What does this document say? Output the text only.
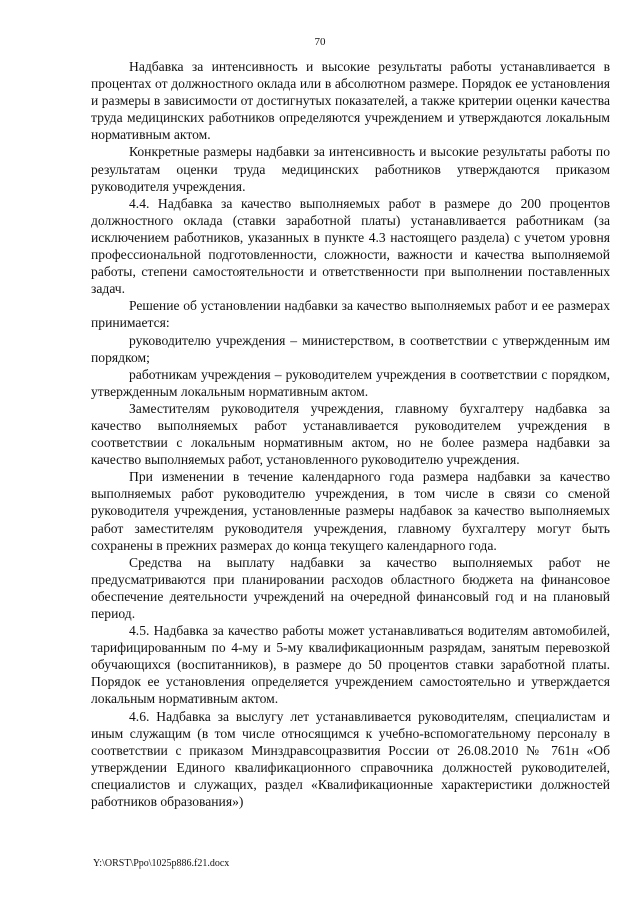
70

Надбавка за интенсивность и высокие результаты работы устанавливается в процентах от должностного оклада или в абсолютном размере. Порядок ее установления и размеры в зависимости от достигнутых показателей, а также критерии оценки качества труда медицинских работников определяются учреждением и утверждаются локальным нормативным актом.

Конкретные размеры надбавки за интенсивность и высокие результаты работы по результатам оценки труда медицинских работников утверждаются приказом руководителя учреждения.

4.4. Надбавка за качество выполняемых работ в размере до 200 процентов должностного оклада (ставки заработной платы) устанавливается работникам (за исключением работников, указанных в пункте 4.3 настоящего раздела) с учетом уровня профессиональной подготовленности, сложности, важности и качества выполняемой работы, степени самостоятельности и ответственности при выполнении поставленных задач.

Решение об установлении надбавки за качество выполняемых работ и ее размерах принимается:

руководителю учреждения – министерством, в соответствии с утвержденным им порядком;

работникам учреждения – руководителем учреждения в соответствии с порядком, утвержденным локальным нормативным актом.

Заместителям руководителя учреждения, главному бухгалтеру надбавка за качество выполняемых работ устанавливается руководителем учреждения в соответствии с локальным нормативным актом, но не более размера надбавки за качество выполняемых работ, установленного руководителю учреждения.

При изменении в течение календарного года размера надбавки за качество выполняемых работ руководителю учреждения, в том числе в связи со сменой руководителя учреждения, установленные размеры надбавок за качество выполняемых работ заместителям руководителя учреждения, главному бухгалтеру могут быть сохранены в прежних размерах до конца текущего календарного года.

Средства на выплату надбавки за качество выполняемых работ не предусматриваются при планировании расходов областного бюджета на финансовое обеспечение деятельности учреждений на очередной финансовый год и на плановый период.

4.5. Надбавка за качество работы может устанавливаться водителям автомобилей, тарифицированным по 4-му и 5-му квалификационным разрядам, занятым перевозкой обучающихся (воспитанников), в размере до 50 процентов ставки заработной платы. Порядок ее установления определяется учреждением самостоятельно и утверждается локальным нормативным актом.

4.6. Надбавка за выслугу лет устанавливается руководителям, специалистам и иным служащим (в том числе относящимся к учебно-вспомогательному персоналу в соответствии с приказом Минздравсоцразвития России от 26.08.2010 № 761н «Об утверждении Единого квалификационного справочника должностей руководителей, специалистов и служащих, раздел «Квалификационные характеристики должностей работников образования»)

Y:\ORST\Ppo\1025p886.f21.docx
